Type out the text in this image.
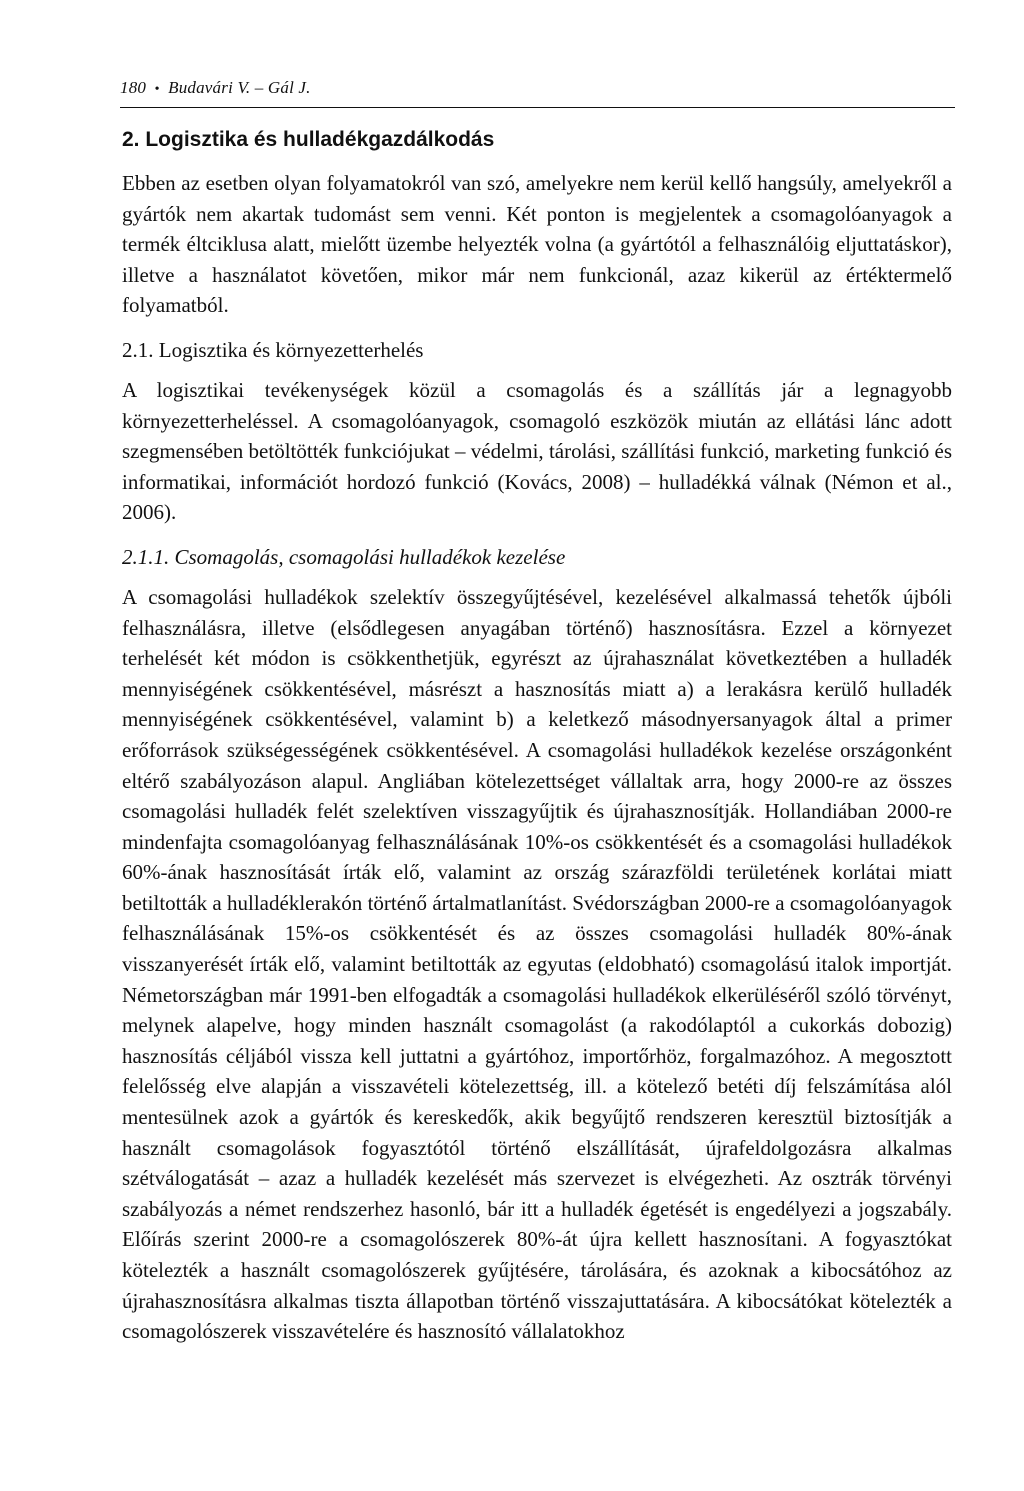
180 • Budavári V. – Gál J.
2. Logisztika és hulladékgazdálkodás

Ebben az esetben olyan folyamatokról van szó, amelyekre nem kerül kellő hangsúly, amelyekről a gyártók nem akartak tudomást sem venni. Két ponton is megjelentek a csomagolóanyagok a termék éltciklusa alatt, mielőtt üzembe helyezték volna (a gyártótól a felhasználóig eljuttatáskor), illetve a használatot követően, mikor már nem funkcionál, azaz kikerül az értéktermelő folyamatból.

2.1. Logisztika és környezetterhelés

A logisztikai tevékenységek közül a csomagolás és a szállítás jár a legnagyobb környezetterheléssel. A csomagolóanyagok, csomagoló eszközök miután az ellátási lánc adott szegmensében betöltötték funkciójukat – védelmi, tárolási, szállítási funkció, marketing funkció és informatikai, információt hordozó funkció (Kovács, 2008) – hulladékká válnak (Némon et al., 2006).

2.1.1. Csomagolás, csomagolási hulladékok kezelése

A csomagolási hulladékok szelektív összegyűjtésével, kezelésével alkalmassá tehetők újbóli felhasználásra, illetve (elsődlegesen anyagában történő) hasznosításra. Ezzel a környezet terhelését két módon is csökkenthetjük, egyrészt az újrahasználat következtében a hulladék mennyiségének csökkentésével, másrészt a hasznosítás miatt a) a lerakásra kerülő hulladék mennyiségének csökkentésével, valamint b) a keletkező másodnyersanyagok által a primer erőforrások szükségességének csökkentésével. A csomagolási hulladékok kezelése országonként eltérő szabályozáson alapul. Angliában kötelezettséget vállaltak arra, hogy 2000-re az összes csomagolási hulladék felét szelektíven visszagyűjtik és újrahasznosítják. Hollandiában 2000-re mindenfajta csomagolóanyag felhasználásának 10%-os csökkentését és a csomagolási hulladékok 60%-ának hasznosítását írták elő, valamint az ország szárazföldi területének korlátai miatt betiltották a hulladéklerakón történő ártalmatlanítást. Svédországban 2000-re a csomagolóanyagok felhasználásának 15%-os csökkentését és az összes csomagolási hulladék 80%-ának visszanyerését írták elő, valamint betiltották az egyutas (eldobható) csomagolású italok importját. Németországban már 1991-ben elfogadták a csomagolási hulladékok elkerüléséről szóló törvényt, melynek alapelve, hogy minden használt csomagolást (a rakodólaptól a cukorkás dobozig) hasznosítás céljából vissza kell juttatni a gyártóhoz, importőrhöz, forgalmazóhoz. A megosztott felelősség elve alapján a visszavételi kötelezettség, ill. a kötelező betéti díj felszámítása alól mentesülnek azok a gyártók és kereskedők, akik begyűjtő rendszeren keresztül biztosítják a használt csomagolások fogyasztótól történő elszállítását, újrafeldolgozásra alkalmas szétválogatását – azaz a hulladék kezelését más szervezet is elvégezheti. Az osztrák törvényi szabályozás a német rendszerhez hasonló, bár itt a hulladék égetését is engedélyezi a jogszabály. Előírás szerint 2000-re a csomagolószerek 80%-át újra kellett hasznosítani. A fogyasztókat kötelezték a használt csomagolószerek gyűjtésére, tárolására, és azoknak a kibocsátóhoz az újrahasznosításra alkalmas tiszta állapotban történő visszajuttatására. A kibocsátókat kötelezték a csomagolószerek visszavételére és hasznosító vállalatokhoz
